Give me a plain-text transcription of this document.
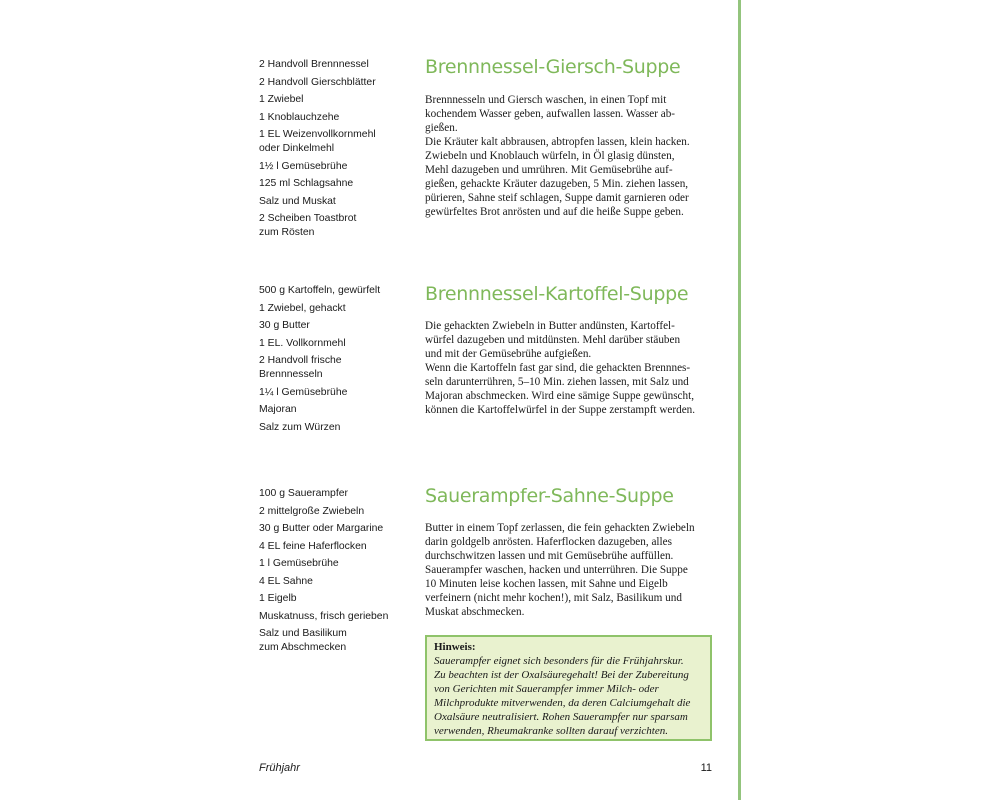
2 Handvoll Brennnessel
2 Handvoll Gierschblätter
1 Zwiebel
1 Knoblauchzehe
1 EL Weizenvollkornmehl
oder Dinkelmehl
1½ l Gemüsebrühe
125 ml Schlagsahne
Salz und Muskat
2 Scheiben Toastbrot
zum Rösten
Brennnessel-Giersch-Suppe

Brennnesseln und Giersch waschen, in einen Topf mit
kochendem Wasser geben, aufwallen lassen. Wasser ab-
gießen.

Die Kräuter kalt abbrausen, abtropfen lassen, klein hacken.
Zwiebeln und Knoblauch würfeln, in Öl glasig dünsten,
Mehl dazugeben und umrühren. Mit Gemüsebrühe auf-
gießen, gehackte Kräuter dazugeben, 5 Min. ziehen lassen,
pürieren, Sahne steif schlagen, Suppe damit garnieren oder
gewürfeltes Brot anrösten und auf die heiße Suppe geben.

500 g Kartoffeln, gewürfelt
1 Zwiebel, gehackt
30 g Butter
1 EL. Vollkornmehl
2 Handvoll frische
Brennnesseln
1¼ l Gemüsebrühe
Majoran
Salz zum Würzen
Brennnessel-Kartoffel-Suppe

Die gehackten Zwiebeln in Butter andünsten, Kartoffel-
würfel dazugeben und mitdünsten. Mehl darüber stäuben
und mit der Gemüsebrühe aufgießen.

Wenn die Kartoffeln fast gar sind, die gehackten Brennnes-
seln darunterrühren, 5–10 Min. ziehen lassen, mit Salz und
Majoran abschmecken. Wird eine sämige Suppe gewünscht,
können die Kartoffelwürfel in der Suppe zerstampft werden.

100 g Sauerampfer
2 mittelgroße Zwiebeln
30 g Butter oder Margarine
4 EL feine Haferflocken
1 l Gemüsebrühe
4 EL Sahne
1 Eigelb
Muskatnuss, frisch gerieben
Salz und Basilikum
zum Abschmecken
Sauerampfer-Sahne-Suppe

Butter in einem Topf zerlassen, die fein gehackten Zwiebeln
darin goldgelb anrösten. Haferflocken dazugeben, alles
durchschwitzen lassen und mit Gemüsebrühe auffüllen.
Sauerampfer waschen, hacken und unterrühren. Die Suppe
10 Minuten leise kochen lassen, mit Sahne und Eigelb
verfeinern (nicht mehr kochen!), mit Salz, Basilikum und
Muskat abschmecken.

Hinweis:

Sauerampfer eignet sich besonders für die Frühjahrskur.
Zu beachten ist der Oxalsäuregehalt! Bei der Zubereitung
von Gerichten mit Sauerampfer immer Milch- oder
Milchprodukte mitverwenden, da deren Calciumgehalt die
Oxalsäure neutralisiert. Rohen Sauerampfer nur sparsam
verwenden, Rheumakranke sollten darauf verzichten.

Frühjahr	11
